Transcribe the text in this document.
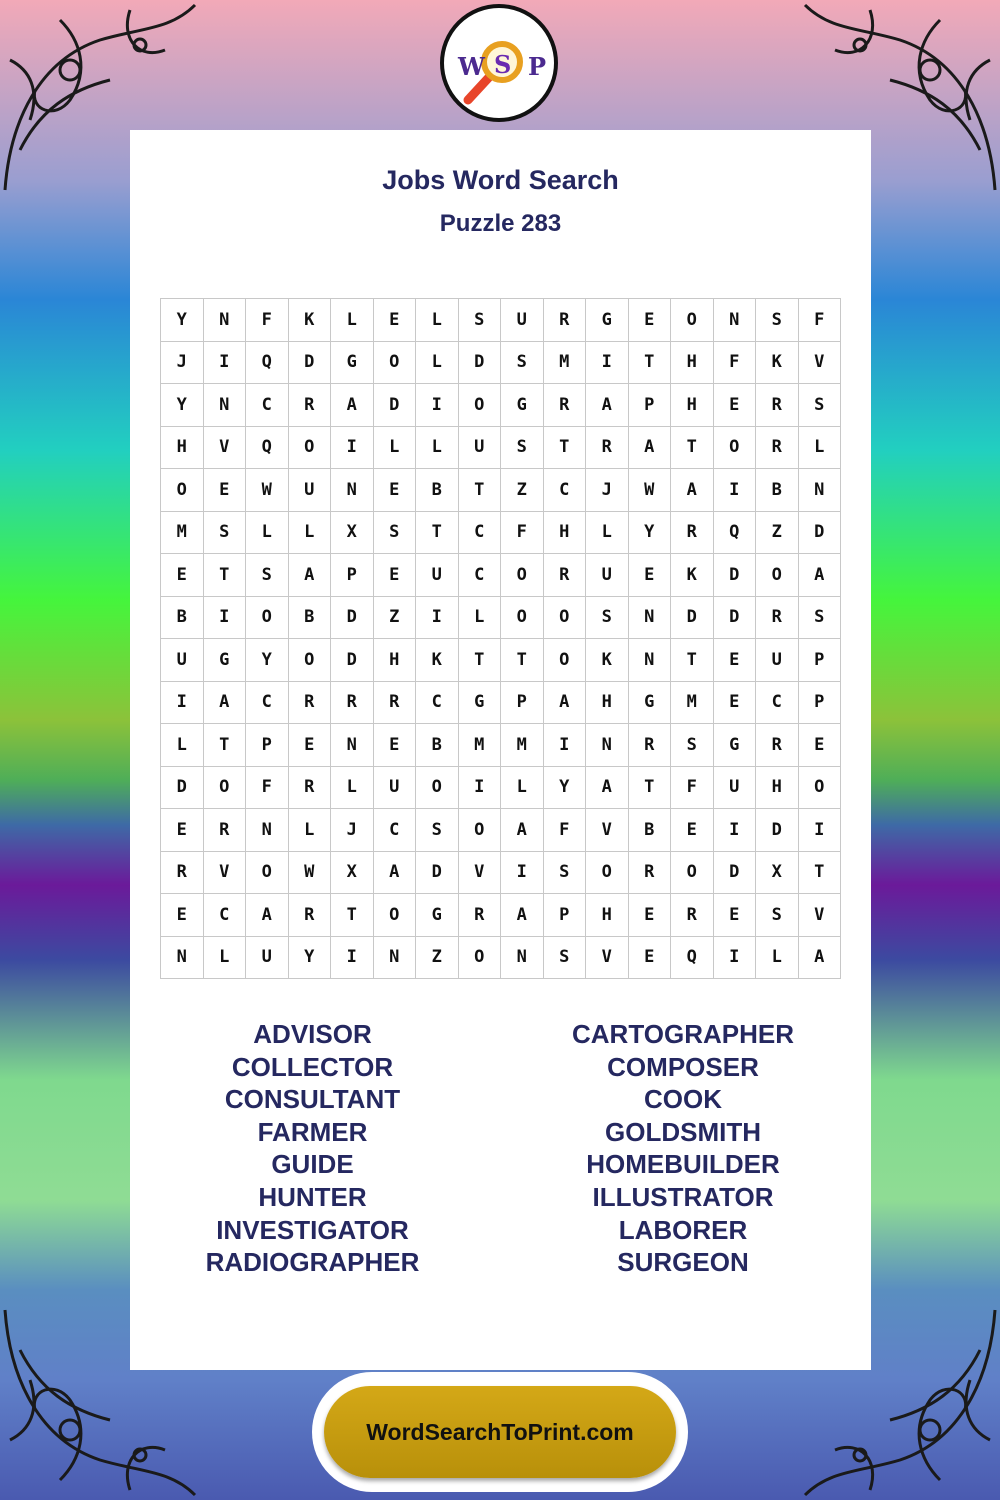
W S P
Jobs Word Search
Puzzle 283
Y	N	F	K	L	E	L	S	U	R	G	E	O	N	S	F
J	I	Q	D	G	O	L	D	S	M	I	T	H	F	K	V
Y	N	C	R	A	D	I	O	G	R	A	P	H	E	R	S
H	V	Q	O	I	L	L	U	S	T	R	A	T	O	R	L
O	E	W	U	N	E	B	T	Z	C	J	W	A	I	B	N
M	S	L	L	X	S	T	C	F	H	L	Y	R	Q	Z	D
E	T	S	A	P	E	U	C	O	R	U	E	K	D	O	A
B	I	O	B	D	Z	I	L	O	O	S	N	D	D	R	S
U	G	Y	O	D	H	K	T	T	O	K	N	T	E	U	P
I	A	C	R	R	R	C	G	P	A	H	G	M	E	C	P
L	T	P	E	N	E	B	M	M	I	N	R	S	G	R	E
D	O	F	R	L	U	O	I	L	Y	A	T	F	U	H	O
E	R	N	L	J	C	S	O	A	F	V	B	E	I	D	I
R	V	O	W	X	A	D	V	I	S	O	R	O	D	X	T
E	C	A	R	T	O	G	R	A	P	H	E	R	E	S	V
N	L	U	Y	I	N	Z	O	N	S	V	E	Q	I	L	A
ADVISOR
COLLECTOR
CONSULTANT
FARMER
GUIDE
HUNTER
INVESTIGATOR
RADIOGRAPHER
CARTOGRAPHER
COMPOSER
COOK
GOLDSMITH
HOMEBUILDER
ILLUSTRATOR
LABORER
SURGEON
WordSearchToPrint.com
